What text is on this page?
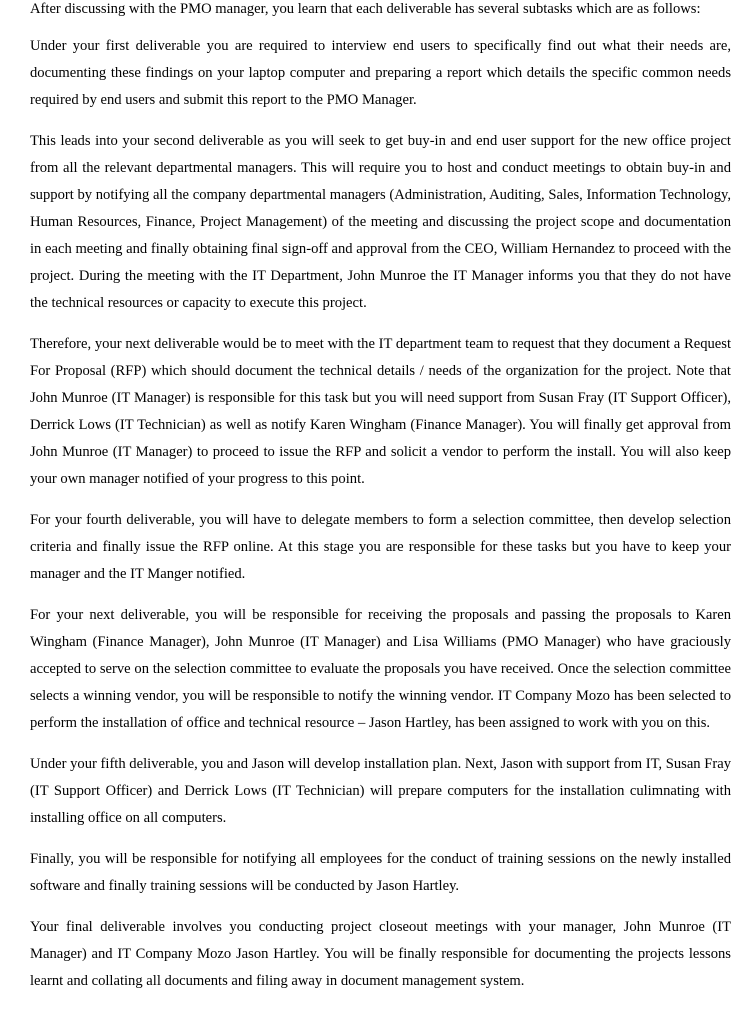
After discussing with the PMO manager, you learn that each deliverable has several subtasks which are as follows:

Under your first deliverable you are required to interview end users to specifically find out what their needs are, documenting these findings on your laptop computer and preparing a report which details the specific common needs required by end users and submit this report to the PMO Manager.

This leads into your second deliverable as you will seek to get buy-in and end user support for the new office project from all the relevant departmental managers. This will require you to host and conduct meetings to obtain buy-in and support by notifying all the company departmental managers (Administration, Auditing, Sales, Information Technology, Human Resources, Finance, Project Management) of the meeting and discussing the project scope and documentation in each meeting and finally obtaining final sign-off and approval from the CEO, William Hernandez to proceed with the project. During the meeting with the IT Department, John Munroe the IT Manager informs you that they do not have the technical resources or capacity to execute this project.

Therefore, your next deliverable would be to meet with the IT department team to request that they document a Request For Proposal (RFP) which should document the technical details / needs of the organization for the project. Note that John Munroe (IT Manager) is responsible for this task but you will need support from Susan Fray (IT Support Officer), Derrick Lows (IT Technician) as well as notify Karen Wingham (Finance Manager). You will finally get approval from John Munroe (IT Manager) to proceed to issue the RFP and solicit a vendor to perform the install. You will also keep your own manager notified of your progress to this point.

For your fourth deliverable, you will have to delegate members to form a selection committee, then develop selection criteria and finally issue the RFP online. At this stage you are responsible for these tasks but you have to keep your manager and the IT Manger notified.

For your next deliverable, you will be responsible for receiving the proposals and passing the proposals to Karen Wingham (Finance Manager), John Munroe (IT Manager) and Lisa Williams (PMO Manager) who have graciously accepted to serve on the selection committee to evaluate the proposals you have received. Once the selection committee selects a winning vendor, you will be responsible to notify the winning vendor. IT Company Mozo has been selected to perform the installation of office and technical resource – Jason Hartley, has been assigned to work with you on this.

Under your fifth deliverable, you and Jason will develop installation plan. Next, Jason with support from IT, Susan Fray (IT Support Officer) and Derrick Lows (IT Technician) will prepare computers for the installation culimnating with installing office on all computers.

Finally, you will be responsible for notifying all employees for the conduct of training sessions on the newly installed software and finally training sessions will be conducted by Jason Hartley.

Your final deliverable involves you conducting project closeout meetings with your manager, John Munroe (IT Manager) and IT Company Mozo Jason Hartley. You will be finally responsible for documenting the projects lessons learnt and collating all documents and filing away in document management system.
